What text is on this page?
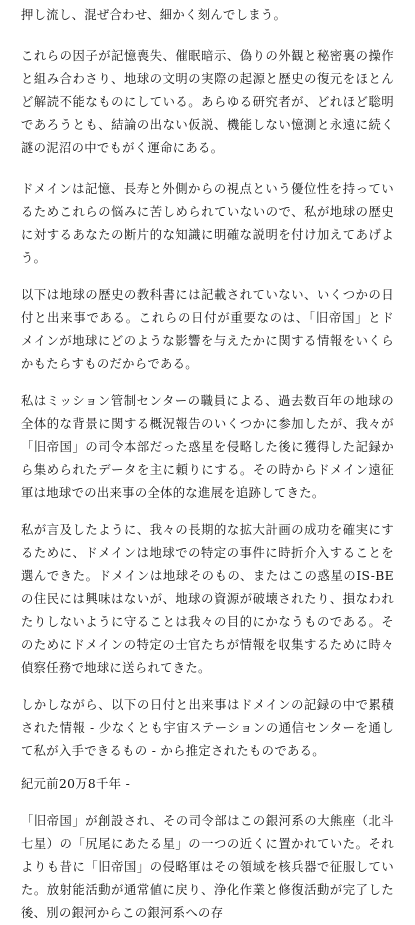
押し流し、混ぜ合わせ、細かく刻んでしまう。

これらの因子が記憶喪失、催眠暗示、偽りの外観と秘密裏の操作と組み合わさり、地球の文明の実際の起源と歴史の復元をほとんど解読不能なものにしている。あらゆる研究者が、どれほど聡明であろうとも、結論の出ない仮説、機能しない憶測と永遠に続く謎の泥沼の中でもがく運命にある。

ドメインは記憶、長寿と外側からの視点という優位性を持っているためこれらの悩みに苦しめられていないので、私が地球の歴史に対するあなたの断片的な知識に明確な説明を付け加えてあげよう。

以下は地球の歴史の教科書には記載されていない、いくつかの日付と出来事である。これらの日付が重要なのは、「旧帝国」とドメインが地球にどのような影響を与えたかに関する情報をいくらかもたらすものだからである。

私はミッション管制センターの職員による、過去数百年の地球の全体的な背景に関する概況報告のいくつかに参加したが、我々が「旧帝国」の司令本部だった惑星を侵略した後に獲得した記録から集められたデータを主に頼りにする。その時からドメイン遠征軍は地球での出来事の全体的な進展を追跡してきた。

私が言及したように、我々の長期的な拡大計画の成功を確実にするために、ドメインは地球での特定の事件に時折介入することを選んできた。ドメインは地球そのもの、またはこの惑星のIS-BEの住民には興味はないが、地球の資源が破壊されたり、損なわれたりしないように守ることは我々の目的にかなうものである。そのためにドメインの特定の士官たちが情報を収集するために時々偵察任務で地球に送られてきた。

しかしながら、以下の日付と出来事はドメインの記録の中で累積された情報 - 少なくとも宇宙ステーションの通信センターを通して私が入手できるもの - から推定されたものである。

紀元前20万8千年 -

「旧帝国」が創設され、その司令部はこの銀河系の大熊座（北斗七星）の「尻尾にあたる星」の一つの近くに置かれていた。それよりも昔に「旧帝国」の侵略軍はその領域を核兵器で征服していた。放射能活動が通常値に戻り、浄化作業と修復活動が完了した後、別の銀河からこの銀河系への存
